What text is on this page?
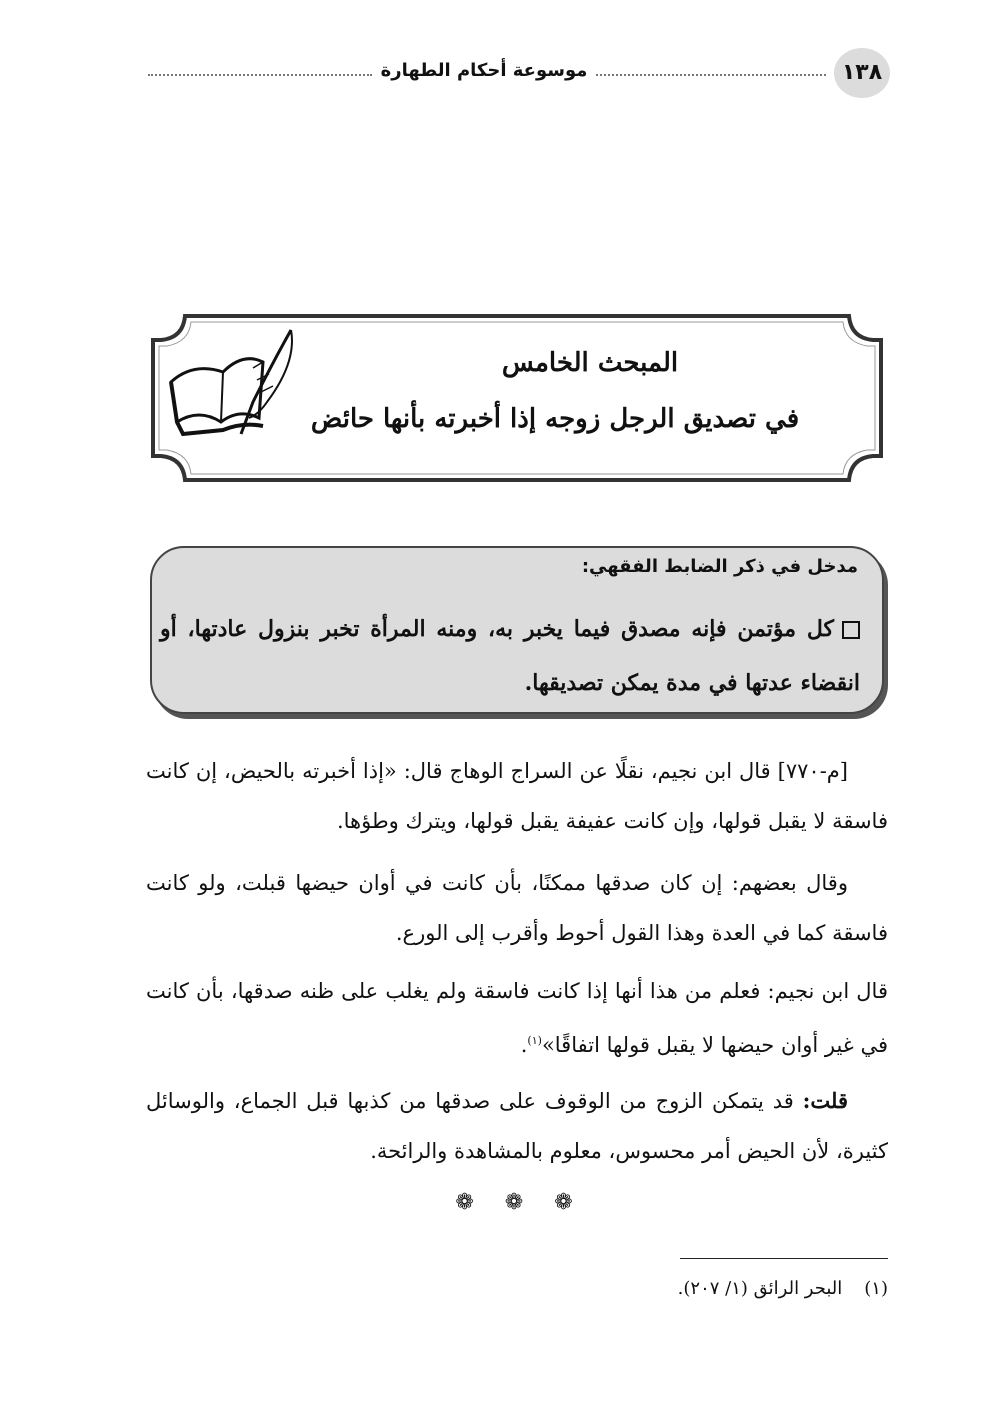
موسوعة أحكام الطهارة	١٣٨
المبحث الخامس
في تصديق الرجل زوجه إذا أخبرته بأنها حائض
مدخل في ذكر الضابط الفقهي:
كل مؤتمن فإنه مصدق فيما يخبر به، ومنه المرأة تخبر بنزول عادتها، أو انقضاء عدتها في مدة يمكن تصديقها.
[م-٧٧٠] قال ابن نجيم، نقلًا عن السراج الوهاج قال: «إذا أخبرته بالحيض، إن كانت فاسقة لا يقبل قولها، وإن كانت عفيفة يقبل قولها، ويترك وطؤها.
وقال بعضهم: إن كان صدقها ممكنًا، بأن كانت في أوان حيضها قبلت، ولو كانت فاسقة كما في العدة وهذا القول أحوط وأقرب إلى الورع.
قال ابن نجيم: فعلم من هذا أنها إذا كانت فاسقة ولم يغلب على ظنه صدقها، بأن كانت في غير أوان حيضها لا يقبل قولها اتفاقًا»$^{(١)}$.
قلت: قد يتمكن الزوج من الوقوف على صدقها من كذبها قبل الجماع، والوسائل كثيرة، لأن الحيض أمر محسوس، معلوم بالمشاهدة والرائحة.
❁ ❁ ❁
(١)البحر الرائق (١/ ٢٠٧).
